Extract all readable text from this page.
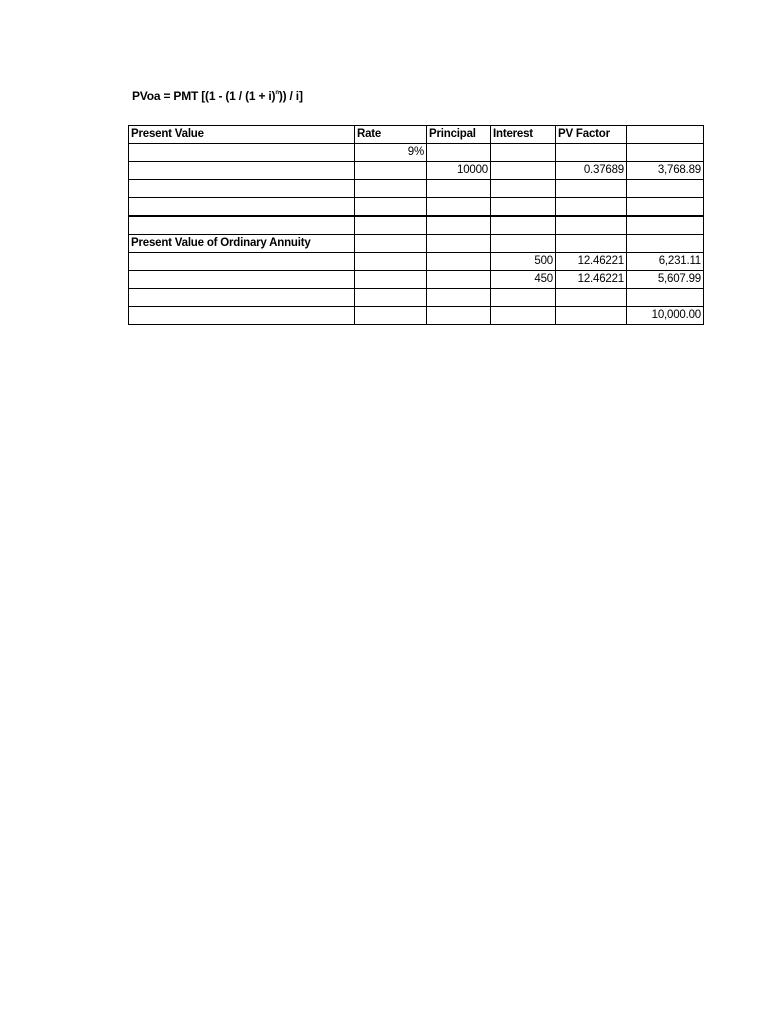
PVoa = PMT $[(1 - (1 / (1 + i)^n)) / i]$
Present Value	Rate	Principal	Interest	PV Factor	
	9%				
		10000		0.37689	3,768.89

Present Value of Ordinary Annuity					
			500	12.46221	6,231.11
			450	12.46221	5,607.99

					10,000.00
